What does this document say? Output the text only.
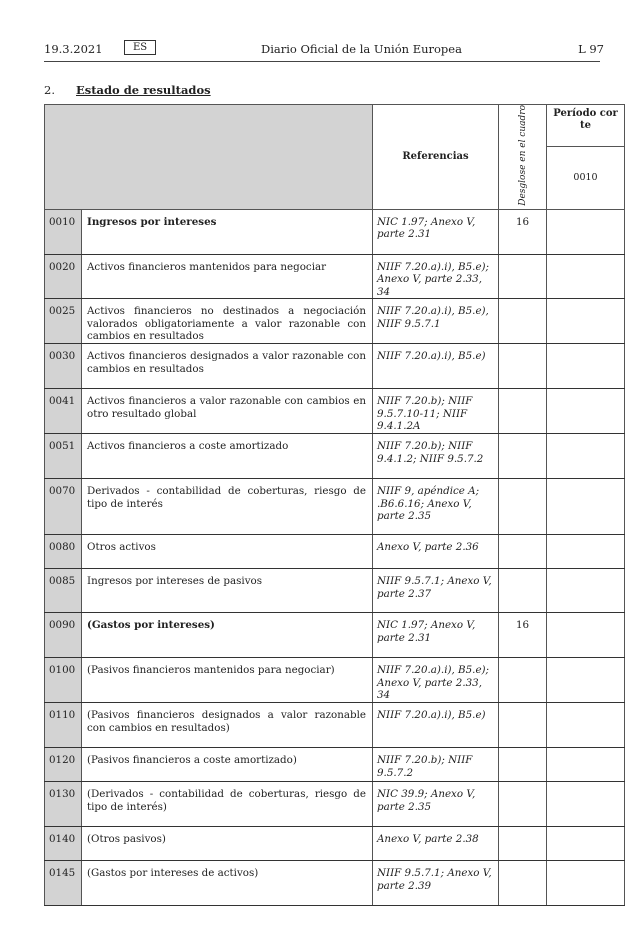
19.3.2021	ES	Diario Oficial de la Unión Europea	L 97
2. Estado de resultados
		Referencias	Desglose en el cuadro	Período cor
te
				0010
0010	Ingresos por intereses	NIC 1.97; Anexo V, parte 2.31	16	
0020	Activos financieros mantenidos para negociar	NIIF 7.20.a).i), B5.e); Anexo V, parte 2.33, 34		
0025	Activos financieros no destinados a negociación valorados obligatoriamente a valor razonable con cambios en resultados	NIIF 7.20.a).i), B5.e), NIIF 9.5.7.1		
0030	Activos financieros designados a valor razonable con cambios en resultados	NIIF 7.20.a).i), B5.e)		
0041	Activos financieros a valor razonable con cambios en otro resultado global	NIIF 7.20.b); NIIF 9.5.7.10-11; NIIF 9.4.1.2A		
0051	Activos financieros a coste amortizado	NIIF 7.20.b); NIIF 9.4.1.2; NIIF 9.5.7.2		
0070	Derivados - contabilidad de coberturas, riesgo de tipo de interés	NIIF 9, apéndice A; .B6.6.16; Anexo V, parte 2.35		
0080	Otros activos	Anexo V, parte 2.36		
0085	Ingresos por intereses de pasivos	NIIF 9.5.7.1; Anexo V, parte 2.37		
0090	(Gastos por intereses)	NIC 1.97; Anexo V, parte 2.31	16	
0100	(Pasivos financieros mantenidos para negociar)	NIIF 7.20.a).i), B5.e); Anexo V, parte 2.33, 34		
0110	(Pasivos financieros designados a valor razonable con cambios en resultados)	NIIF 7.20.a).i), B5.e)		
0120	(Pasivos financieros a coste amortizado)	NIIF 7.20.b); NIIF 9.5.7.2		
0130	(Derivados - contabilidad de coberturas, riesgo de tipo de interés)	NIC 39.9; Anexo V, parte 2.35		
0140	(Otros pasivos)	Anexo V, parte 2.38		
0145	(Gastos por intereses de activos)	NIIF 9.5.7.1; Anexo V, parte 2.39		
